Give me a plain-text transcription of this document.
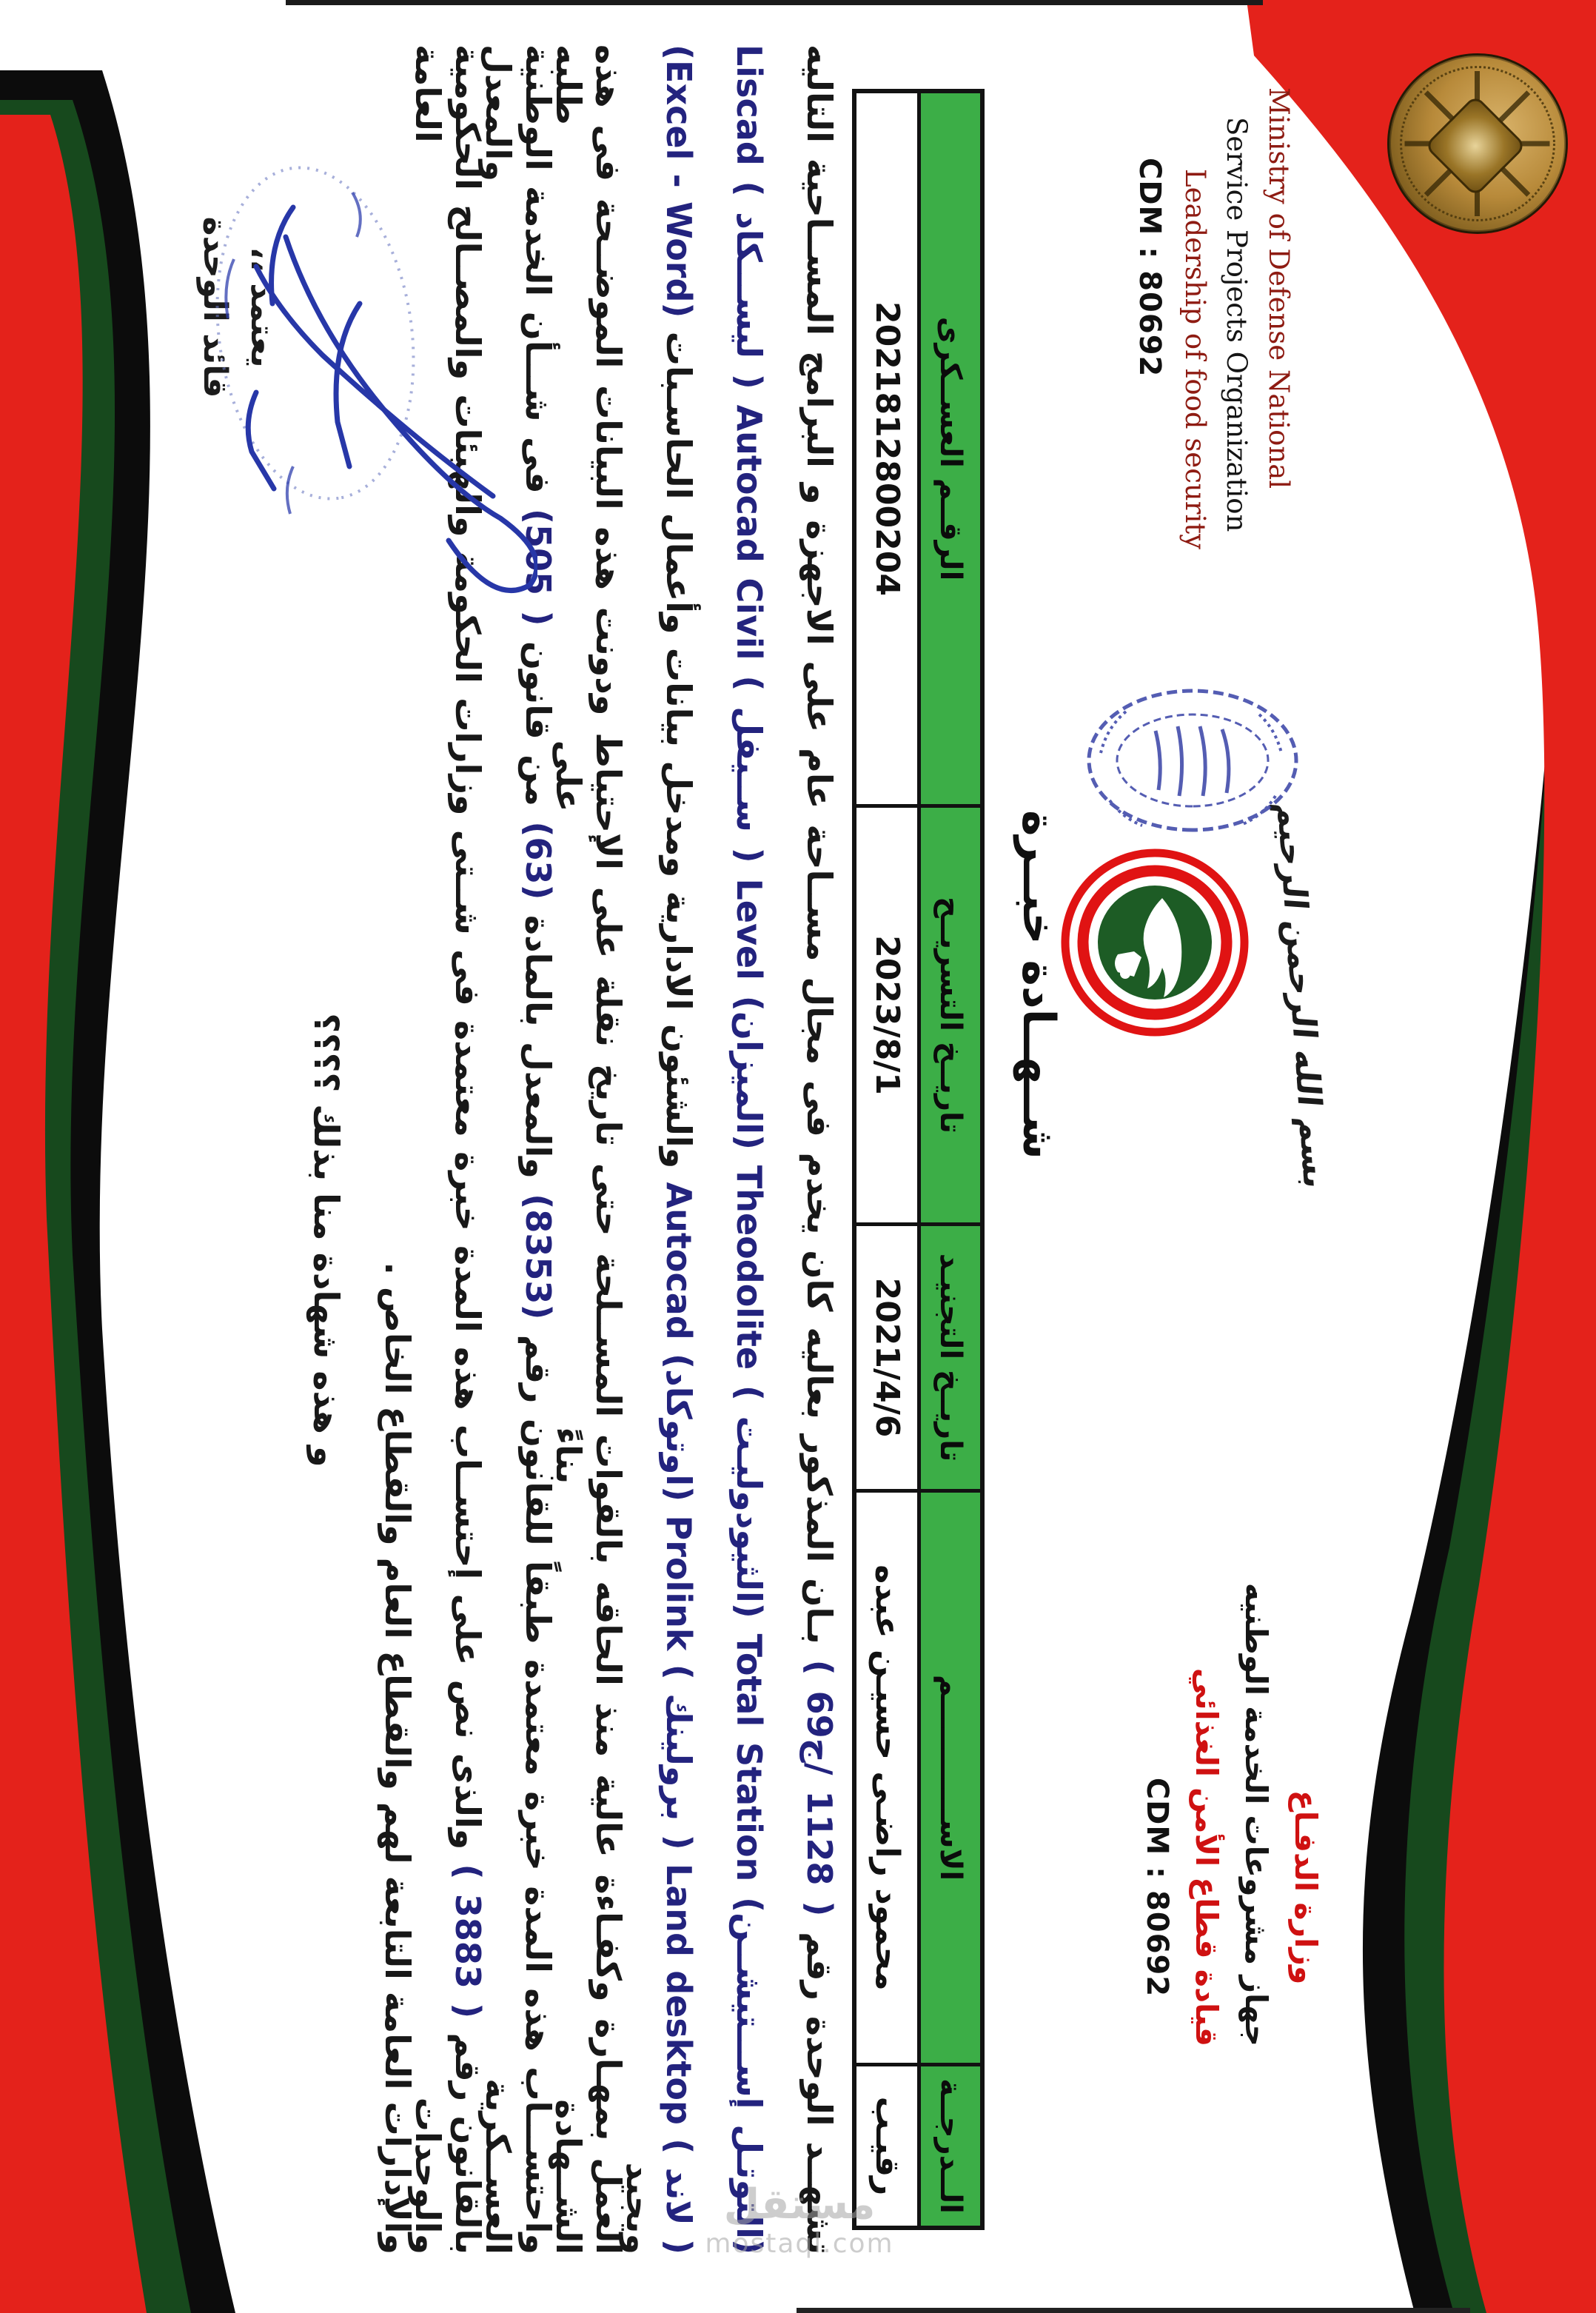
Ministry of Defense National
Service Projects Organization
Leadership of food security
CDM : 80692
وزارة الدفـاع
جهاز مشروعات الخدمة الوطنيه
قيادة قطاع الأمن الغذائي
CDM : 80692
بسم الله الرحمن الرحيم
شــهــادة خبــرة
الــدرجــة
رقيـب
الاســــــــــــم
محمود راضـى حسيـن عبده
تاريــخ التجنيـد
2021/4/6
تاريــخ التسريــح
2023/8/1
الرقــم العســكرى
2021812800204
تشهــد الوحدة رقم ( 1128 /ج69 ) بـان المذكور بعاليه كان يخدم فى مجال مســاحة عام على الاجهزة و البرامج المســاحية التاليه
(التوتـل إســـتيشــن) Total Station (الثيودوليـت ) Theodolite (الميزان) Level ( ســيفل ) Autocad Civil ( ليســـكاد ) Liscad
( لاند ) Land desktop ( برولينك ) Prolink (اوتوكاد) Autocad والشئون الادارية ومدخل بيانات وأعمال الحاسـبات (Excel - Word) ويجيد
العمل بمهـارة وكفـاءة عالية منذ الحاقه بالقوات المســلحة حتى تاريخ نقلة على الإحتياط ودونت هذه البيانات الموضــحة فى هذه الشــهادة بناءً على طلبه
واحتســـاب هذه المدة خبرة معتمدة طبقاً للقانون رقم (8353) والمعدل بالمادة (63) من قانون ( 505) فى شـــأن الخدمة الوطنية العســكرية والمعدل
بالقانون رقم ( 3883 ) والذى نص على إحتســاب هذه المدة خبرة معتمدة فى شــتى وزارات الحكومة والهيئات والمصــالح الحكومية والوحدات العامة
والإدارات العامة التابعة لهم والقطاع العام والقطاع الخاص .
و هذه شهادة منا بذلك ؟؟؟؟
يعتمد ،،
قائد الوحدة
مستقل
mostaql.com
